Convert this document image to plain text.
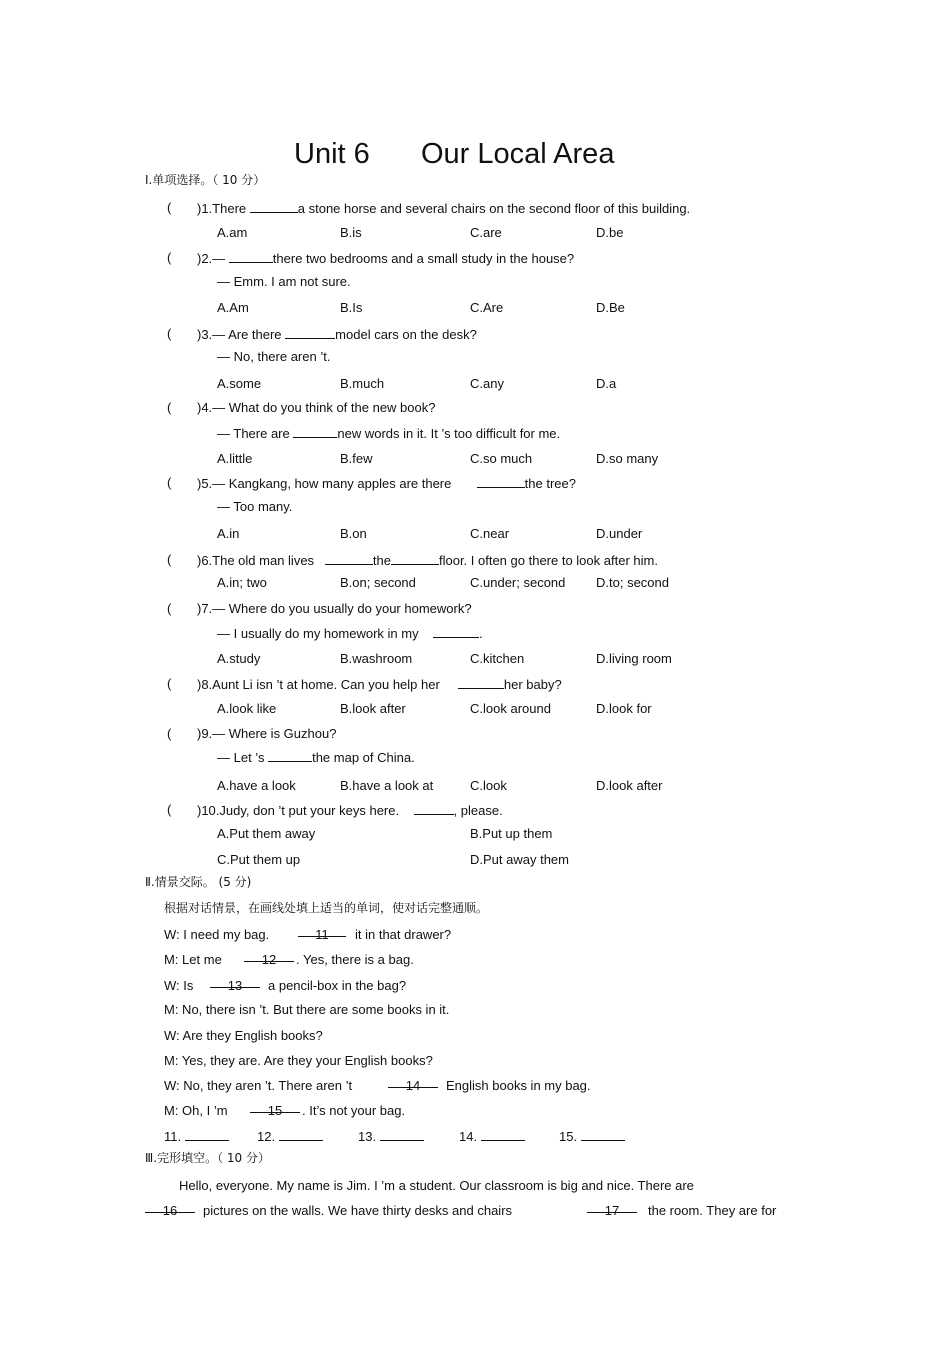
Unit 6 Our Local Area
Ⅰ.单项选择。（ 10 分）
( )1.There	a stone horse and several chairs on the second floor of this building.
A.am	B.is	C.are	D.be
( )2.—	there two bedrooms and a small study in the house?
— Emm. I am not sure.
A.Am	B.Is	C.Are	D.Be
( )3.— Are there	model cars on the desk?
— No, there aren ’t.
A.some	B.much	C.any	D.a
( )4.— What do you think of the new book?
— There are	new words in it. It ’s too difficult for me.
A.little	B.few	C.so much	D.so many
( )5.— Kangkang, how many apples are there	the tree?
— Too many.
A.in	B.on	C.near	D.under
( )6.The old man lives	the	floor. I often go there to look after him.
A.in; two	B.on; second	C.under; second D.to; second
( )7.— Where do you usually do your homework?
— I usually do my homework in my	.
A.study	B.washroom	C.kitchen	D.living room
( )8.Aunt Li isn ’t at home. Can you help her	her baby?
A.look like	B.look after	C.look around	D.look for
( )9.— Where is Guzhou?
— Let ’s	the map of China.
A.have a look	B.have a look at	C.look	D.look after
( )10.Judy, don ’t put your keys here.	, please.
A.Put them away	B.Put up them
C.Put them up	D.Put away them
Ⅱ.情景交际。 (5 分)
根据对话情景，在画线处填上适当的单词，使对话完整通顺。
W: I need my bag.	11	it in that drawer?
M: Let me	12	. Yes, there is a bag.
W: Is	13	a pencil-box in the bag?
M: No, there isn ’t. But there are some books in it.
W: Are they English books?
M: Yes, they are. Are they your English books?
W: No, they aren ’t. There aren ’t	14	English books in my bag.
M: Oh, I ’m	15	. It’s not your bag.
11.	12.	13.	14.	15.
Ⅲ.完形填空。（ 10 分）
Hello, everyone. My name is Jim. I ’m a student. Our classroom is big and nice. There are
16	pictures on the walls. We have thirty desks and chairs	17	the room. They are for
